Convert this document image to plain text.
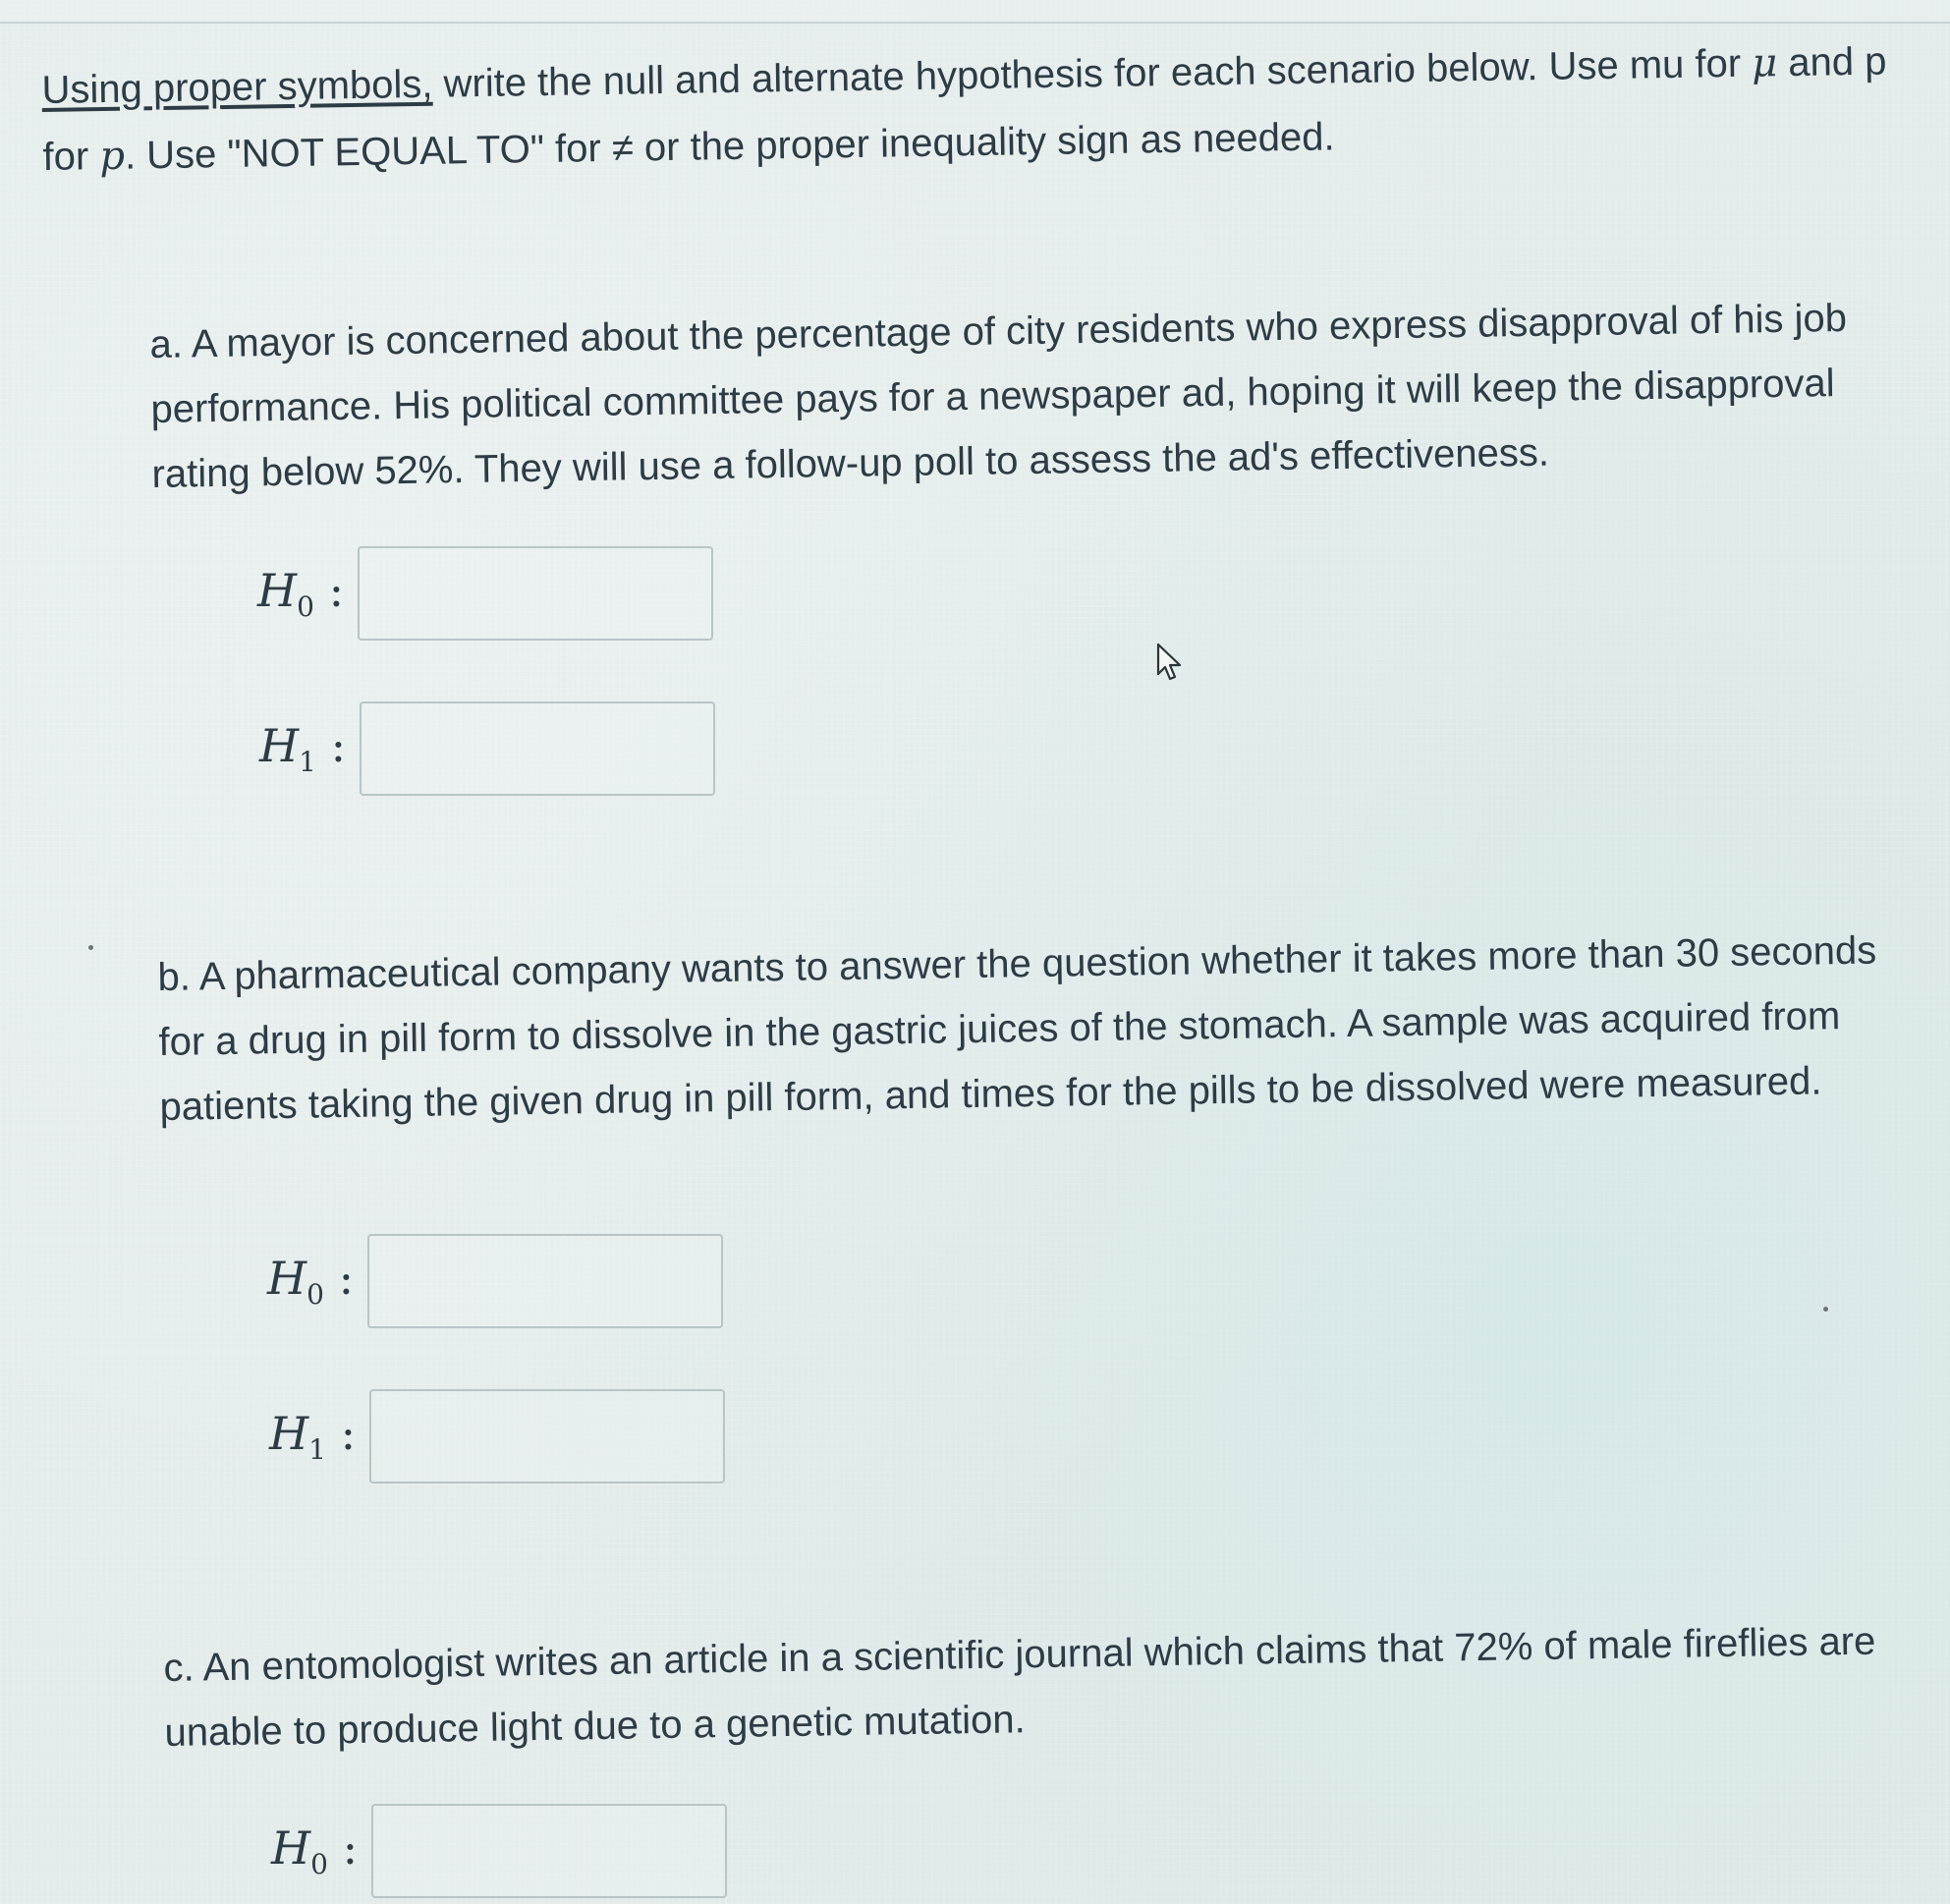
Using proper symbols, write the null and alternate hypothesis for each scenario below. Use mu for μ and p for p. Use "NOT EQUAL TO" for ≠ or the proper inequality sign as needed.

a. A mayor is concerned about the percentage of city residents who express disapproval of his job performance. His political committee pays for a newspaper ad, hoping it will keep the disapproval rating below 52%. They will use a follow-up poll to assess the ad's effectiveness.

$H_0$ :
$H_1$ :

b. A pharmaceutical company wants to answer the question whether it takes more than 30 seconds for a drug in pill form to dissolve in the gastric juices of the stomach. A sample was acquired from patients taking the given drug in pill form, and times for the pills to be dissolved were measured.

$H_0$ :
$H_1$ :

c. An entomologist writes an article in a scientific journal which claims that 72% of male fireflies are unable to produce light due to a genetic mutation.

$H_0$ :
